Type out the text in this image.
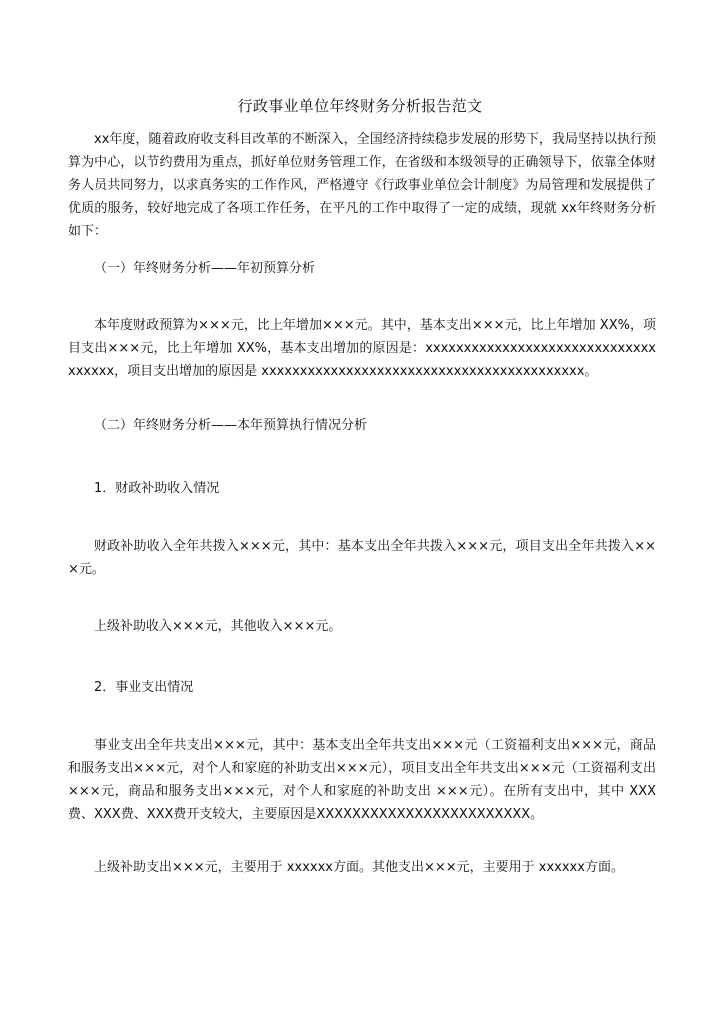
行政事业单位年终财务分析报告范文
xx年度，随着政府收支科目改革的不断深入，全国经济持续稳步发展的形势下，我局坚持以执行预算为中心，以节约费用为重点，抓好单位财务管理工作，在省级和本级领导的正确领导下，依靠全体财务人员共同努力，以求真务实的工作作风，严格遵守《行政事业单位会计制度》为局管理和发展提供了优质的服务，较好地完成了各项工作任务，在平凡的工作中取得了一定的成绩，现就 xx年终财务分析如下：
（一）年终财务分析——年初预算分析
本年度财政预算为×××元，比上年增加×××元。其中，基本支出×××元，比上年增加 XX%，项目支出×××元，比上年增加 XX%，基本支出增加的原因是：xxxxxxxxxxxxxxxxxxxxxxxxxxxxxxxxxxxx，项目支出增加的原因是 xxxxxxxxxxxxxxxxxxxxxxxxxxxxxxxxxxxxxxxxxx。
（二）年终财务分析——本年预算执行情况分析
1．财政补助收入情况
财政补助收入全年共拨入×××元，其中：基本支出全年共拨入×××元，项目支出全年共拨入×××元。
上级补助收入×××元，其他收入×××元。
2．事业支出情况
事业支出全年共支出×××元，其中：基本支出全年共支出×××元（工资福利支出×××元，商品和服务支出×××元，对个人和家庭的补助支出×××元），项目支出全年共支出×××元（工资福利支出×××元，商品和服务支出×××元，对个人和家庭的补助支出 ×××元）。在所有支出中，其中 XXX费、XXX费、XXX费开支较大，主要原因是XXXXXXXXXXXXXXXXXXXXXXXX。
上级补助支出×××元，主要用于 xxxxxx方面。其他支出×××元，主要用于 xxxxxx方面。
